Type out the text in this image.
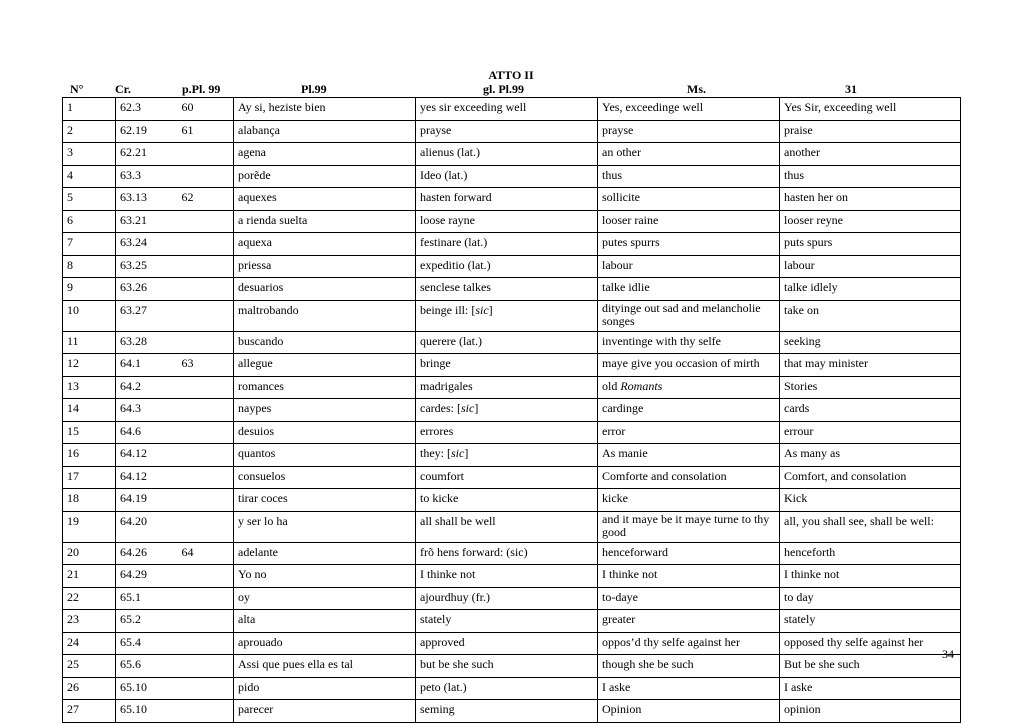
ATTO II
N°	Cr.	p.Pl. 99	Pl.99	gl. Pl.99	Ms.	31
1	62.3	60	Ay si, heziste bien	yes sir exceeding well	Yes, exceedinge well	Yes Sir, exceeding well
2	62.19	61	alabança	prayse	prayse	praise
3	62.21		agena	alienus (lat.)	an other	another
4	63.3		porẽde	Ideo (lat.)	thus	thus
5	63.13	62	aquexes	hasten forward	sollicite	hasten her on
6	63.21		a rienda suelta	loose rayne	looser raine	looser reyne
7	63.24		aquexa	festinare (lat.)	putes spurrs	puts spurs
8	63.25		priessa	expeditio (lat.)	labour	labour
9	63.26		desuarios	senclese talkes	talke idlie	talke idlely
10	63.27		maltrobando	beinge ill: [sic]	dityinge out sad and melancholie songes	take on
11	63.28		buscando	querere (lat.)	inventinge with thy selfe	seeking
12	64.1	63	allegue	bringe	maye give you occasion of mirth	that may minister
13	64.2		romances	madrigales	old Romants	Stories
14	64.3		naypes	cardes: [sic]	cardinge	cards
15	64.6		desuios	errores	error	errour
16	64.12		quantos	they: [sic]	As manie	As many as
17	64.12		consuelos	coumfort	Comforte and consolation	Comfort, and consolation
18	64.19		tirar coces	to kicke	kicke	Kick
19	64.20		y ser lo ha	all shall be well	and it maye be it maye turne to thy good	all, you shall see, shall be well:
20	64.26	64	adelante	frõ hens forward: (sic)	henceforward	henceforth
21	64.29		Yo no	I thinke not	I thinke not	I thinke not
22	65.1		oy	ajourdhuy (fr.)	to-daye	to day
23	65.2		alta	stately	greater	stately
24	65.4		aprouado	approved	oppos’d thy selfe against her	opposed thy selfe against her
25	65.6		Assi que pues ella es tal	but be she such	though she be such	But be she such
26	65.10		pido	peto (lat.)	I aske	I aske
27	65.10		parecer	seming	Opinion	opinion
34
